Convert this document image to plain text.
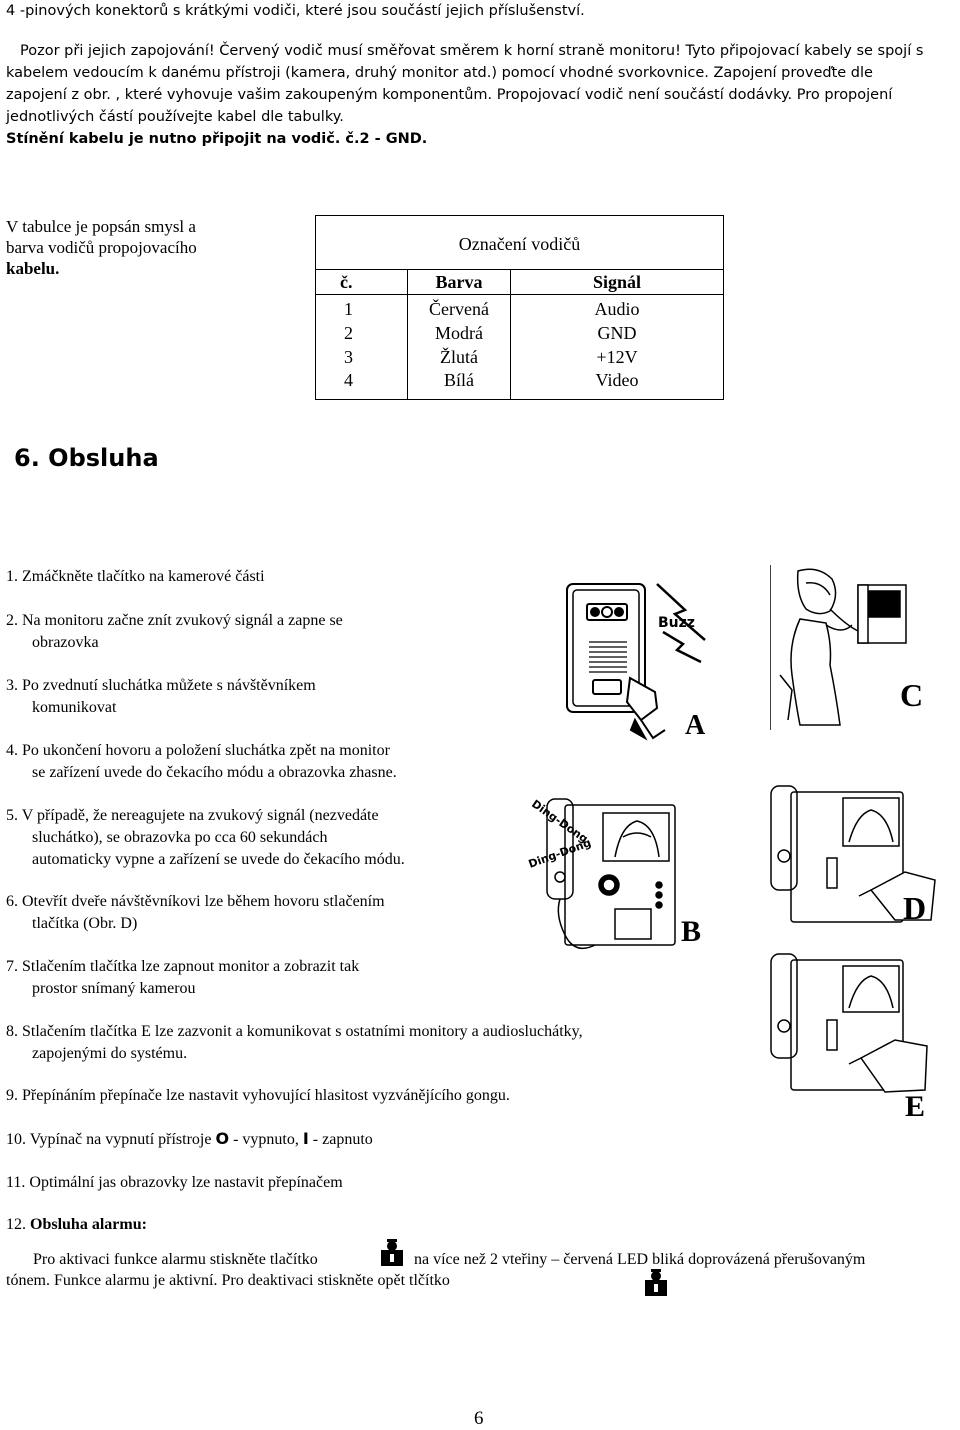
4 -pinových konektorů s krátkými vodiči, které jsou součástí jejich příslušenství.
Pozor při jejich zapojování! Červený vodič musí směřovat směrem k horní straně monitoru! Tyto připojovací kabely se spojí s
kabelem vedoucím k danému přístroji (kamera, druhý monitor atd.) pomocí vhodné svorkovnice. Zapojení proveďte dle
zapojení z obr. , které vyhovuje vašim zakoupeným komponentům. Propojovací vodič není součástí dodávky. Pro propojení
jednotlivých částí používejte kabel dle tabulky.
Stínění kabelu je nutno připojit na vodič. č.2 - GND.
V tabulce je popsán smysl a
barva vodičů propojovacího
kabelu.
Označení vodičů		
č.	Barva	Signál
1	Červená	Audio
2	Modrá	GND
3	Žlutá	+12V
4	Bílá	Video
6. Obsluha
1. Zmáčkněte tlačítko na kamerové části
2. Na monitoru začne znít zvukový signál a zapne se
obrazovka
3. Po zvednutí sluchátka můžete s návštěvníkem
komunikovat
4. Po ukončení hovoru a položení sluchátka zpět na monitor
se zařízení uvede do čekacího módu a obrazovka zhasne.
5. V případě, že nereagujete na zvukový signál (nezvedáte
sluchátko), se obrazovka po cca 60 sekundách
automaticky vypne a zařízení se uvede do čekacího módu.
6. Otevřít dveře návštěvníkovi lze během hovoru stlačením
tlačítka (Obr. D)
7. Stlačením tlačítka lze zapnout monitor a zobrazit tak
prostor snímaný kamerou
8. Stlačením tlačítka E lze zazvonit a komunikovat s ostatními monitory a audiosluchátky,
zapojenými do systému.
9. Přepínáním přepínače lze nastavit vyhovující hlasitost vyzvánějícího gongu.
10. Vypínač na vypnutí přístroje O - vypnuto, I - zapnuto
11. Optimální jas obrazovky lze nastavit přepínačem
12. Obsluha alarmu:
Pro aktivaci funkce alarmu stiskněte tlačítko	na více než 2 vteřiny – červená LED bliká doprovázená přerušovaným
tónem. Funkce alarmu je aktivní. Pro deaktivaci stiskněte opět tlčítko
6
Buzz
A
C
Ding-Dong
Ding-Dong
B
D
E
